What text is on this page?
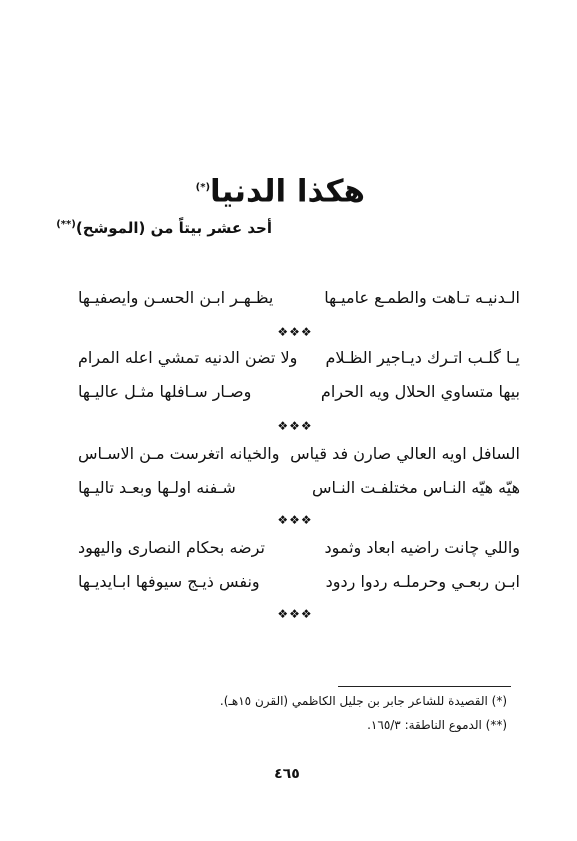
هكذا الدنيا(*)
أحد عشر بيتاً من (الموشح)(**)
الـدنيـه تـاهت والطمـع عاميـها
يظـهـر ابـن الحسـن وايصفيـها
❖❖❖
يـا گلـب اتـرك ديـاجير الظـلام
ولا تضن الدنيه تمشي اعله المرام
بيها متساوي الحلال ويه الحرام
وصـار سـافلها مثـل عاليـها
❖❖❖
السافل اويه العالي صارن فد قياس
والخيانه اتغرست مـن الاسـاس
هيّه هيّه النـاس مختلفـت النـاس
شـفنه اولـها وبعـد تاليـها
❖❖❖
واللي چانت راضيه ابعاد وثمود
ترضه بحكام النصارى واليهود
ابـن ربعـي وحرملـه ردوا ردود
ونفس ذيـج سيوفها ابـايديـها
❖❖❖
(*) القصيدة للشاعر جابر بن جليل الكاظمي (القرن ١٥هـ).
(**) الدموع الناطقة: ١٦٥/٣.
٤٦٥
